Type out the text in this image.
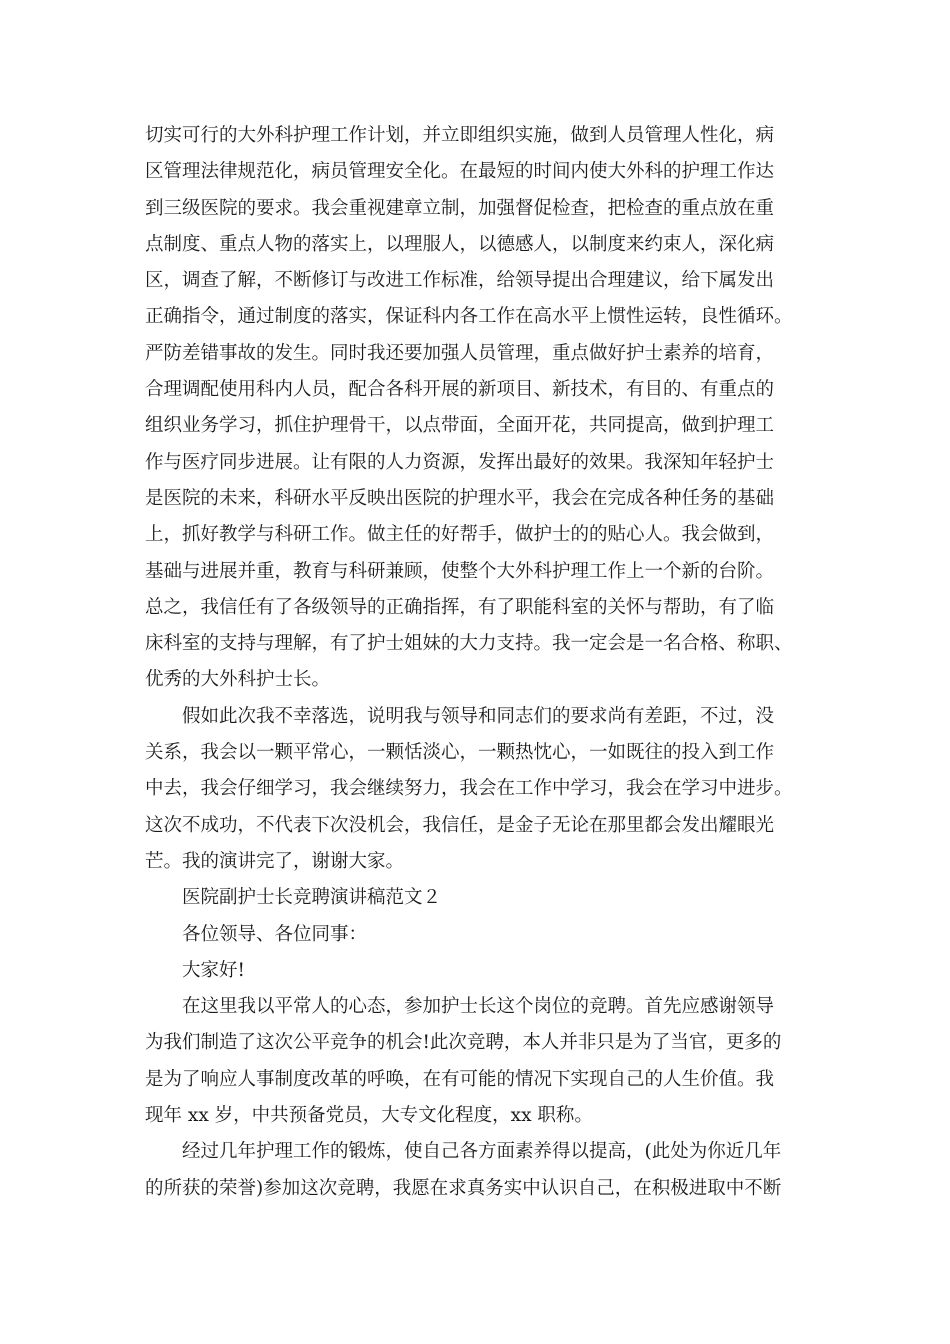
切实可行的大外科护理工作计划，并立即组织实施，做到人员管理人性化，病
区管理法律规范化，病员管理安全化。在最短的时间内使大外科的护理工作达
到三级医院的要求。我会重视建章立制，加强督促检查，把检查的重点放在重
点制度、重点人物的落实上，以理服人，以德感人，以制度来约束人，深化病
区，调查了解，不断修订与改进工作标准，给领导提出合理建议，给下属发出
正确指令，通过制度的落实，保证科内各工作在高水平上惯性运转，良性循环。
严防差错事故的发生。同时我还要加强人员管理，重点做好护士素养的培育，
合理调配使用科内人员，配合各科开展的新项目、新技术，有目的、有重点的
组织业务学习，抓住护理骨干，以点带面，全面开花，共同提高，做到护理工
作与医疗同步进展。让有限的人力资源，发挥出最好的效果。我深知年轻护士
是医院的未来，科研水平反映出医院的护理水平，我会在完成各种任务的基础
上，抓好教学与科研工作。做主任的好帮手，做护士的的贴心人。我会做到，
基础与进展并重，教育与科研兼顾，使整个大外科护理工作上一个新的台阶。
总之，我信任有了各级领导的正确指挥，有了职能科室的关怀与帮助，有了临
床科室的支持与理解，有了护士姐妹的大力支持。我一定会是一名合格、称职、
优秀的大外科护士长。
假如此次我不幸落选，说明我与领导和同志们的要求尚有差距，不过，没
关系，我会以一颗平常心，一颗恬淡心，一颗热忱心，一如既往的投入到工作
中去，我会仔细学习，我会继续努力，我会在工作中学习，我会在学习中进步。
这次不成功，不代表下次没机会，我信任，是金子无论在那里都会发出耀眼光
芒。我的演讲完了，谢谢大家。
医院副护士长竞聘演讲稿范文２
各位领导、各位同事：
大家好!
在这里我以平常人的心态，参加护士长这个岗位的竞聘。首先应感谢领导
为我们制造了这次公平竞争的机会!此次竞聘，本人并非只是为了当官，更多的
是为了响应人事制度改革的呼唤，在有可能的情况下实现自己的人生价值。我
现年 xx 岁，中共预备党员，大专文化程度，xx 职称。
经过几年护理工作的锻炼，使自己各方面素养得以提高，(此处为你近几年
的所获的荣誉)参加这次竞聘，我愿在求真务实中认识自己，在积极进取中不断
